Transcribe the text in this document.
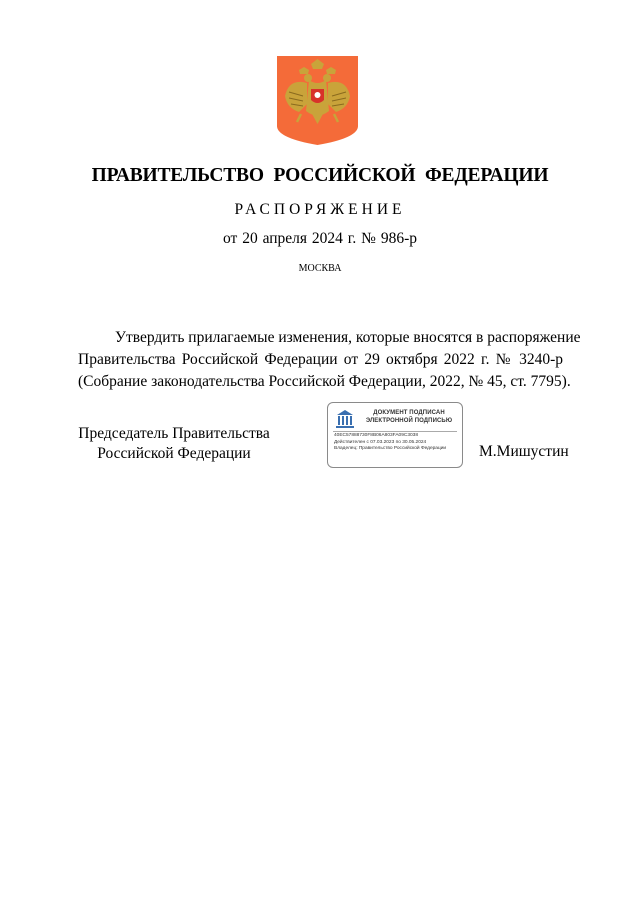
ПРАВИТЕЛЬСТВО РОССИЙСКОЙ ФЕДЕРАЦИИ
РАСПОРЯЖЕНИЕ
от 20 апреля 2024 г. № 986-р
МОСКВА
Утвердить прилагаемые изменения, которые вносятся в распоряжение
Правительства Российской Федерации от 29 октября 2022 г. № 3240-р
(Собрание законодательства Российской Федерации, 2022, № 45, ст. 7795).
Председатель Правительства
Российской Федерации
ДОКУМЕНТ ПОДПИСАН
ЭЛЕКТРОННОЙ ПОДПИСЬЮ
40EC57888730F8B06A803FA09C3038
Действителен с 07.03.2023 по 30.05.2024
Владелец: Правительство Российской Федерации	М.Мишустин
